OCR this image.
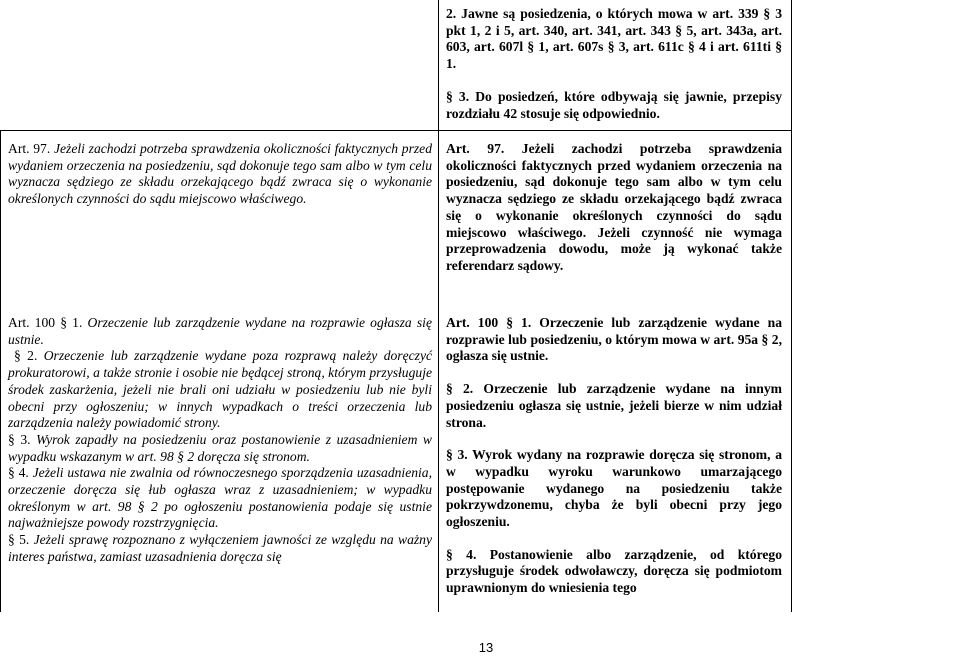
2. Jawne są posiedzenia, o których mowa w art. 339 § 3 pkt 1, 2 i 5, art. 340, art. 341, art. 343 § 5, art. 343a, art. 603, art. 607l § 1, art. 607s § 3, art. 611c § 4 i art. 611ti § 1.

§ 3. Do posiedzeń, które odbywają się jawnie, przepisy rozdziału 42 stosuje się odpowiednio.

Art. 97. Jeżeli zachodzi potrzeba sprawdzenia okoliczności faktycznych przed wydaniem orzeczenia na posiedzeniu, sąd dokonuje tego sam albo w tym celu wyznacza sędziego ze składu orzekającego bądź zwraca się o wykonanie określonych czynności do sądu miejscowo właściwego.

Art. 97. Jeżeli zachodzi potrzeba sprawdzenia okoliczności faktycznych przed wydaniem orzeczenia na posiedzeniu, sąd dokonuje tego sam albo w tym celu wyznacza sędziego ze składu orzekającego bądź zwraca się o wykonanie określonych czynności do sądu miejscowo właściwego. Jeżeli czynność nie wymaga przeprowadzenia dowodu, może ją wykonać także referendarz sądowy.

Art. 100 § 1. Orzeczenie lub zarządzenie wydane na rozprawie ogłasza się ustnie.

§ 2. Orzeczenie lub zarządzenie wydane poza rozprawą należy doręczyć prokuratorowi, a także stronie i osobie nie będącej stroną, którym przysługuje środek zaskarżenia, jeżeli nie brali oni udziału w posiedzeniu lub nie byli obecni przy ogłoszeniu; w innych wypadkach o treści orzeczenia lub zarządzenia należy powiadomić strony.

§ 3. Wyrok zapadły na posiedzeniu oraz postanowienie z uzasadnieniem w wypadku wskazanym w art. 98 § 2 doręcza się stronom.

§ 4. Jeżeli ustawa nie zwalnia od równoczesnego sporządzenia uzasadnienia, orzeczenie doręcza się łub ogłasza wraz z uzasadnieniem; w wypadku określonym w art. 98 § 2 po ogłoszeniu postanowienia podaje się ustnie najważniejsze powody rozstrzygnięcia.

§ 5. Jeżeli sprawę rozpoznano z wyłączeniem jawności ze względu na ważny interes państwa, zamiast uzasadnienia doręcza się

Art. 100 § 1. Orzeczenie lub zarządzenie wydane na rozprawie lub posiedzeniu, o którym mowa w art. 95a § 2, ogłasza się ustnie.

§ 2. Orzeczenie lub zarządzenie wydane na innym posiedzeniu ogłasza się ustnie, jeżeli bierze w nim udział strona.

§ 3. Wyrok wydany na rozprawie doręcza się stronom, a w wypadku wyroku warunkowo umarzającego postępowanie wydanego na posiedzeniu także pokrzywdzonemu, chyba że byli obecni przy jego ogłoszeniu.

§ 4. Postanowienie albo zarządzenie, od którego przysługuje środek odwoławczy, doręcza się podmiotom uprawnionym do wniesienia tego

13
